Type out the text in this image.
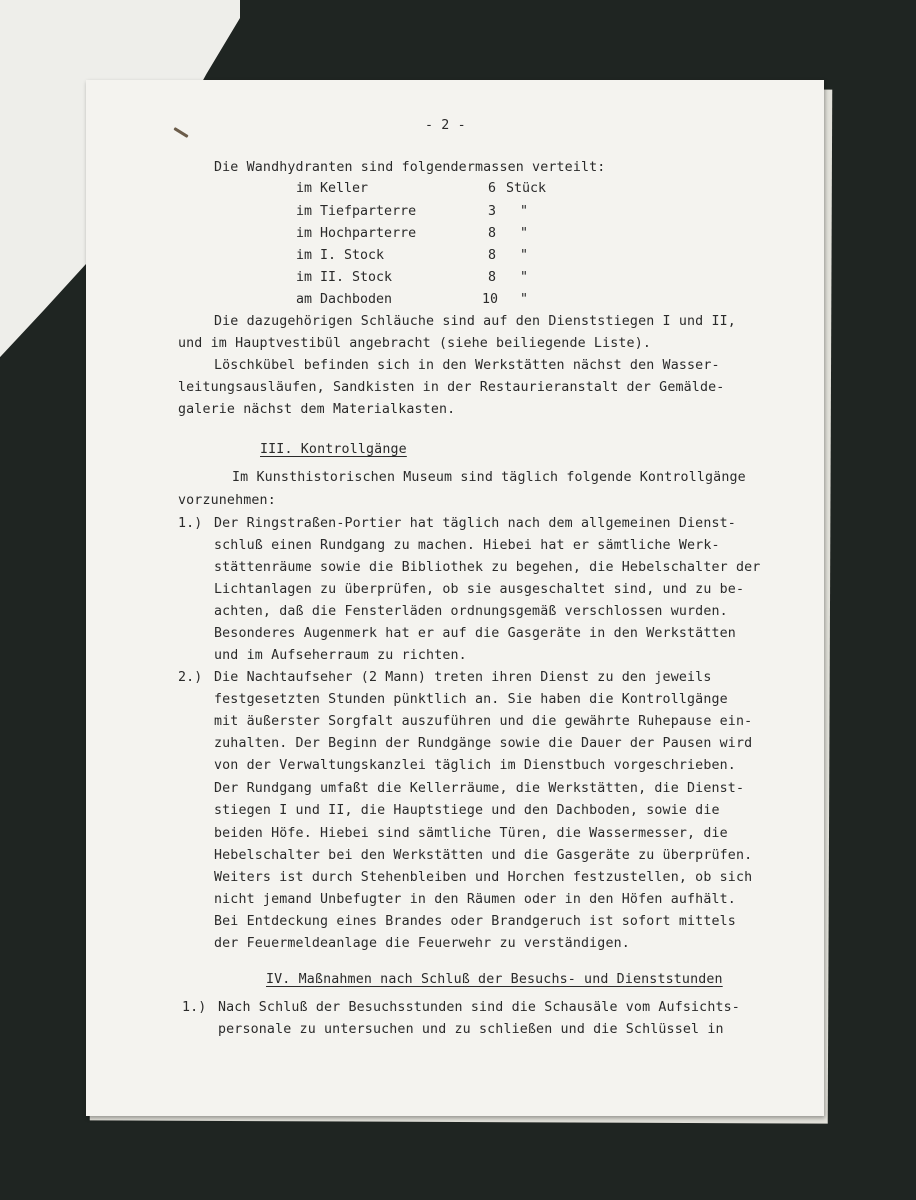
- 2 -
Die Wandhydranten sind folgendermassen verteilt:
im Keller	6 Stück
im Tiefparterre	3 "
im Hochparterre	8 "
im I. Stock	8 "
im II. Stock	8 "
am Dachboden	10 "
Die dazugehörigen Schläuche sind auf den Dienststiegen I und II,
und im Hauptvestibül angebracht (siehe beiliegende Liste).
Löschkübel befinden sich in den Werkstätten nächst den Wasser-
leitungsausläufen, Sandkisten in der Restaurieranstalt der Gemälde-
galerie nächst dem Materialkasten.
III. Kontrollgänge
Im Kunsthistorischen Museum sind täglich folgende Kontrollgänge
vorzunehmen:
1.) Der Ringstraßen-Portier hat täglich nach dem allgemeinen Dienst-
schluß einen Rundgang zu machen. Hiebei hat er sämtliche Werk-
stättenräume sowie die Bibliothek zu begehen, die Hebelschalter der
Lichtanlagen zu überprüfen, ob sie ausgeschaltet sind, und zu be-
achten, daß die Fensterläden ordnungsgemäß verschlossen wurden.
Besonderes Augenmerk hat er auf die Gasgeräte in den Werkstätten
und im Aufseherraum zu richten.
2.) Die Nachtaufseher (2 Mann) treten ihren Dienst zu den jeweils
festgesetzten Stunden pünktlich an. Sie haben die Kontrollgänge
mit äußerster Sorgfalt auszuführen und die gewährte Ruhepause ein-
zuhalten. Der Beginn der Rundgänge sowie die Dauer der Pausen wird
von der Verwaltungskanzlei täglich im Dienstbuch vorgeschrieben.
Der Rundgang umfaßt die Kellerräume, die Werkstätten, die Dienst-
stiegen I und II, die Hauptstiege und den Dachboden, sowie die
beiden Höfe. Hiebei sind sämtliche Türen, die Wassermesser, die
Hebelschalter bei den Werkstätten und die Gasgeräte zu überprüfen.
Weiters ist durch Stehenbleiben und Horchen festzustellen, ob sich
nicht jemand Unbefugter in den Räumen oder in den Höfen aufhält.
Bei Entdeckung eines Brandes oder Brandgeruch ist sofort mittels
der Feuermeldeanlage die Feuerwehr zu verständigen.
IV. Maßnahmen nach Schluß der Besuchs- und Dienststunden
1.) Nach Schluß der Besuchsstunden sind die Schausäle vom Aufsichts-
personale zu untersuchen und zu schließen und die Schlüssel in
